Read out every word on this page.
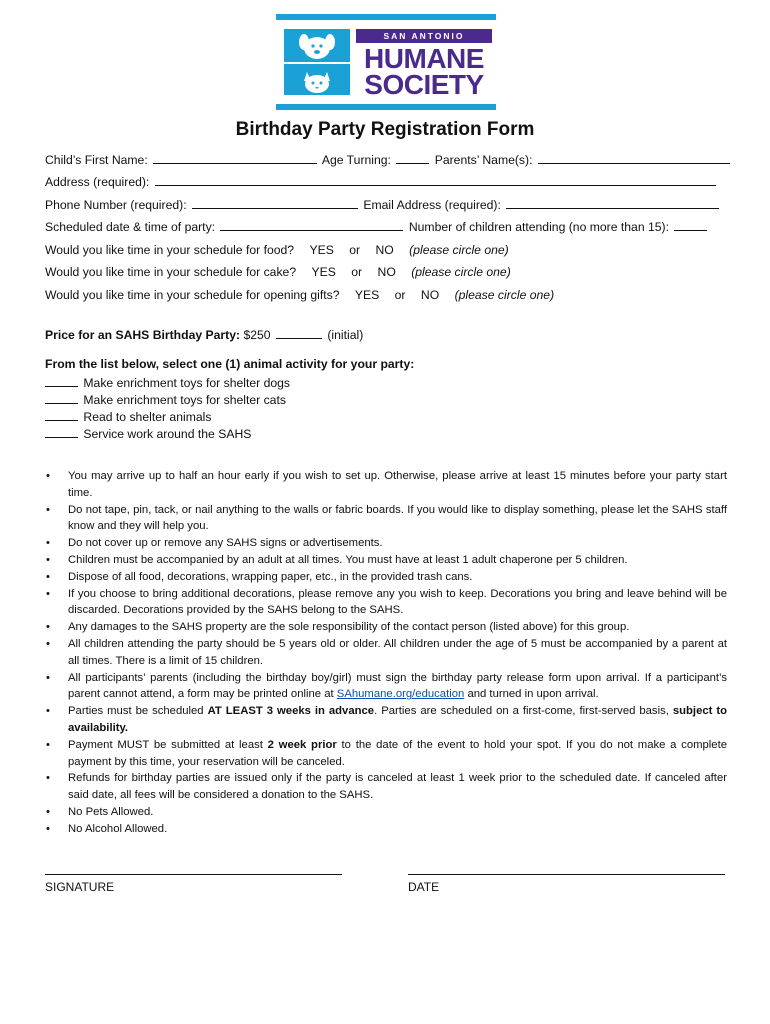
SAN ANTONIO
HUMANE
SOCIETY
Birthday Party Registration Form
Child’s First Name:	Age Turning:	Parents’ Name(s):
Address (required):
Phone Number (required):	Email Address (required):
Scheduled date & time of party:	Number of children attending (no more than 15):
Would you like time in your schedule for food? YES or NO (please circle one)
Would you like time in your schedule for cake? YES or NO (please circle one)
Would you like time in your schedule for opening gifts? YES or NO (please circle one)
Price for an SAHS Birthday Party: $250	(initial)
From the list below, select one (1) animal activity for your party:
Make enrichment toys for shelter dogs
Make enrichment toys for shelter cats
Read to shelter animals
Service work around the SAHS
• You may arrive up to half an hour early if you wish to set up. Otherwise, please arrive at least 15 minutes before your party start time.
• Do not tape, pin, tack, or nail anything to the walls or fabric boards. If you would like to display something, please let the SAHS staff know and they will help you.
• Do not cover up or remove any SAHS signs or advertisements.
• Children must be accompanied by an adult at all times. You must have at least 1 adult chaperone per 5 children.
• Dispose of all food, decorations, wrapping paper, etc., in the provided trash cans.
• If you choose to bring additional decorations, please remove any you wish to keep. Decorations you bring and leave behind will be discarded. Decorations provided by the SAHS belong to the SAHS.
• Any damages to the SAHS property are the sole responsibility of the contact person (listed above) for this group.
• All children attending the party should be 5 years old or older. All children under the age of 5 must be accompanied by a parent at all times. There is a limit of 15 children.
• All participants’ parents (including the birthday boy/girl) must sign the birthday party release form upon arrival. If a participant’s parent cannot attend, a form may be printed online at SAhumane.org/education and turned in upon arrival.
• Parties must be scheduled AT LEAST 3 weeks in advance. Parties are scheduled on a first-come, first-served basis, subject to availability.
• Payment MUST be submitted at least 2 week prior to the date of the event to hold your spot. If you do not make a complete payment by this time, your reservation will be canceled.
• Refunds for birthday parties are issued only if the party is canceled at least 1 week prior to the scheduled date. If canceled after said date, all fees will be considered a donation to the SAHS.
• No Pets Allowed.
• No Alcohol Allowed.
SIGNATURE	DATE
